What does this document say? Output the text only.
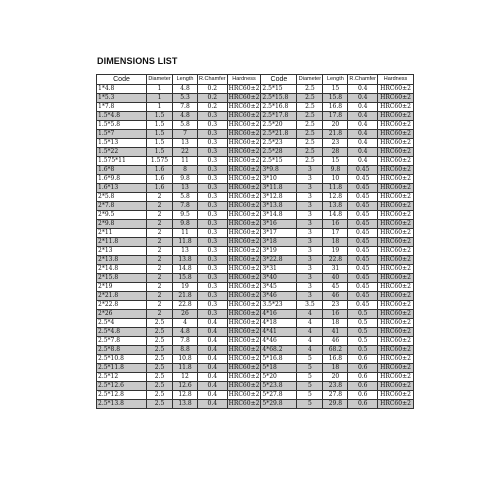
DIMENSIONS LIST
Code	Diameter	Length	R.Chamfer	Hardness	Code	Diameter	Length	R.Chamfer	Hardness
1*4.8	1	4.8	0.2	HRC60±2	2.5*15	2.5	15	0.4	HRC60±2
1*5.3	1	5.3	0.2	HRC60±2	2.5*15.8	2.5	15.8	0.4	HRC60±2
1*7.8	1	7.8	0.2	HRC60±2	2.5*16.8	2.5	16.8	0.4	HRC60±2
1.5*4.8	1.5	4.8	0.3	HRC60±2	2.5*17.8	2.5	17.8	0.4	HRC60±2
1.5*5.8	1.5	5.8	0.3	HRC60±2	2.5*20	2.5	20	0.4	HRC60±2
1.5*7	1.5	7	0.3	HRC60±2	2.5*21.8	2.5	21.8	0.4	HRC60±2
1.5*13	1.5	13	0.3	HRC60±2	2.5*23	2.5	23	0.4	HRC60±2
1.5*22	1.5	22	0.3	HRC60±2	2.5*28	2.5	28	0.4	HRC60±2
1.575*11	1.575	11	0.3	HRC60±2	2.5*15	2.5	15	0.4	HRC60±2
1.6*8	1.6	8	0.3	HRC60±2	3*9.8	3	9.8	0.45	HRC60±2
1.6*9.8	1.6	9.8	0.3	HRC60±2	3*10	3	10	0.45	HRC60±2
1.6*13	1.6	13	0.3	HRC60±2	3*11.8	3	11.8	0.45	HRC60±2
2*5.8	2	5.8	0.3	HRC60±2	3*12.8	3	12.8	0.45	HRC60±2
2*7.8	2	7.8	0.3	HRC60±2	3*13.8	3	13.8	0.45	HRC60±2
2*9.5	2	9.5	0.3	HRC60±2	3*14.8	3	14.8	0.45	HRC60±2
2*9.8	2	9.8	0.3	HRC60±2	3*16	3	16	0.45	HRC60±2
2*11	2	11	0.3	HRC60±2	3*17	3	17	0.45	HRC60±2
2*11.8	2	11.8	0.3	HRC60±2	3*18	3	18	0.45	HRC60±2
2*13	2	13	0.3	HRC60±2	3*19	3	19	0.45	HRC60±2
2*13.8	2	13.8	0.3	HRC60±2	3*22.8	3	22.8	0.45	HRC60±2
2*14.8	2	14.8	0.3	HRC60±2	3*31	3	31	0.45	HRC60±2
2*15.8	2	15.8	0.3	HRC60±2	3*40	3	40	0.45	HRC60±2
2*19	2	19	0.3	HRC60±2	3*45	3	45	0.45	HRC60±2
2*21.8	2	21.8	0.3	HRC60±2	3*46	3	46	0.45	HRC60±2
2*22.8	2	22.8	0.3	HRC60±2	3.5*23	3.5	23	0.45	HRC60±2
2*26	2	26	0.3	HRC60±2	4*16	4	16	0.5	HRC60±2
2.5*4	2.5	4	0.4	HRC60±2	4*18	4	18	0.5	HRC60±2
2.5*4.8	2.5	4.8	0.4	HRC60±2	4*41	4	41	0.5	HRC60±2
2.5*7.8	2.5	7.8	0.4	HRC60±2	4*46	4	46	0.5	HRC60±2
2.5*8.8	2.5	8.8	0.4	HRC60±2	4*68.2	4	68.2	0.5	HRC60±2
2.5*10.8	2.5	10.8	0.4	HRC60±2	5*16.8	5	16.8	0.6	HRC60±2
2.5*11.8	2.5	11.8	0.4	HRC60±2	5*18	5	18	0.6	HRC60±2
2.5*12	2.5	12	0.4	HRC60±2	5*20	5	20	0.6	HRC60±2
2.5*12.6	2.5	12.6	0.4	HRC60±2	5*23.8	5	23.8	0.6	HRC60±2
2.5*12.8	2.5	12.8	0.4	HRC60±2	5*27.8	5	27.8	0.6	HRC60±2
2.5*13.8	2.5	13.8	0.4	HRC60±2	5*29.8	5	29.8	0.6	HRC60±2
